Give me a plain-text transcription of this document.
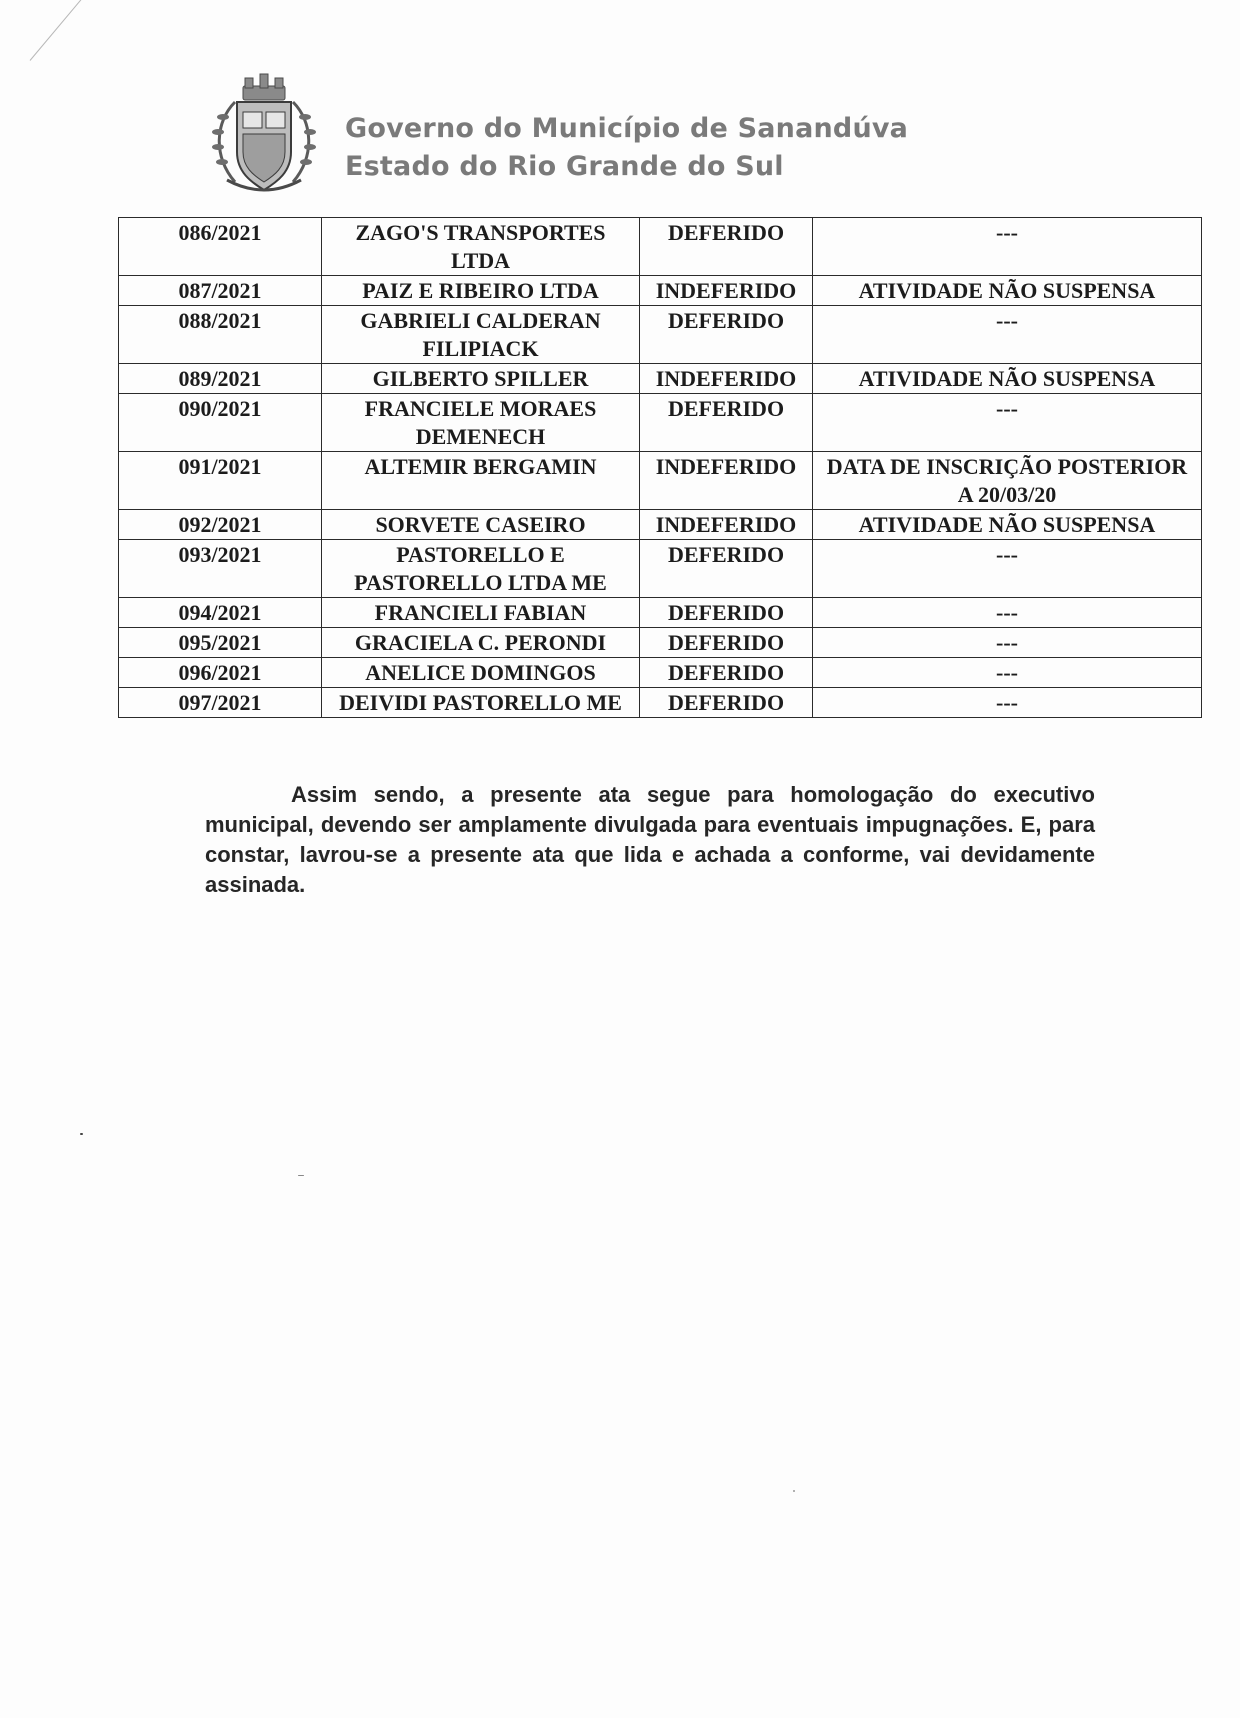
Governo do Município de Sanandúva
Estado do Rio Grande do Sul
086/2021	ZAGO'S TRANSPORTES LTDA	DEFERIDO	---
087/2021	PAIZ E RIBEIRO LTDA	INDEFERIDO	ATIVIDADE NÃO SUSPENSA
088/2021	GABRIELI CALDERAN FILIPIACK	DEFERIDO	---
089/2021	GILBERTO SPILLER	INDEFERIDO	ATIVIDADE NÃO SUSPENSA
090/2021	FRANCIELE MORAES DEMENECH	DEFERIDO	---
091/2021	ALTEMIR BERGAMIN	INDEFERIDO	DATA DE INSCRIÇÃO POSTERIOR A 20/03/20
092/2021	SORVETE CASEIRO	INDEFERIDO	ATIVIDADE NÃO SUSPENSA
093/2021	PASTORELLO E PASTORELLO LTDA ME	DEFERIDO	---
094/2021	FRANCIELI FABIAN	DEFERIDO	---
095/2021	GRACIELA C. PERONDI	DEFERIDO	---
096/2021	ANELICE DOMINGOS	DEFERIDO	---
097/2021	DEIVIDI PASTORELLO ME	DEFERIDO	---

Assim sendo, a presente ata segue para homologação do executivo municipal, devendo ser amplamente divulgada para eventuais impugnações. E, para constar, lavrou-se a presente ata que lida e achada a conforme, vai devidamente assinada.
